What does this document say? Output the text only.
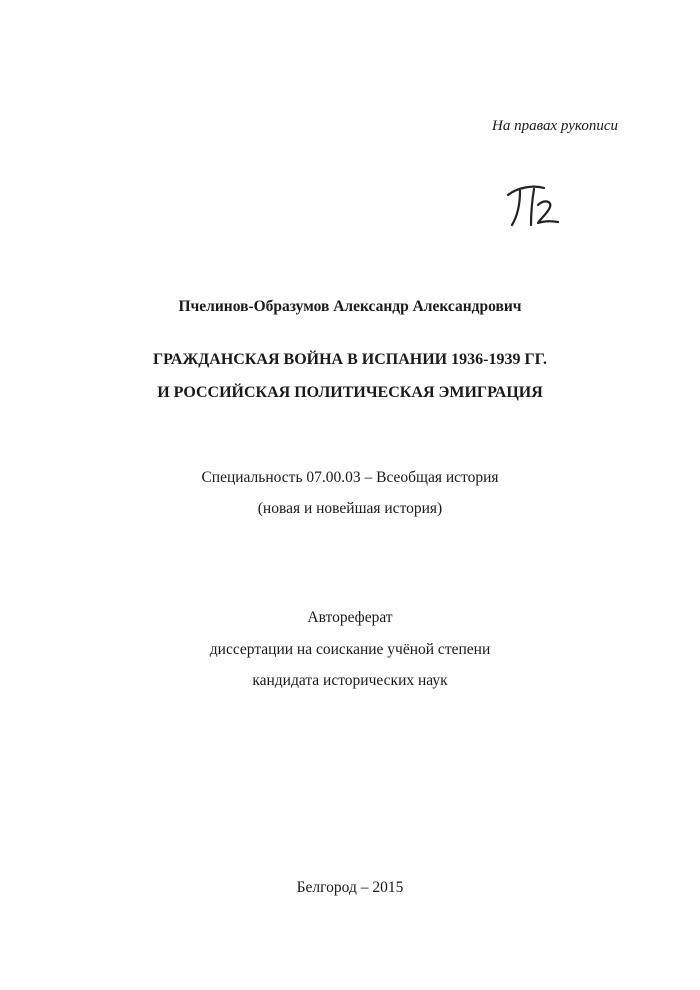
На правах рукописи
Пчелинов-Образумов Александр Александрович
ГРАЖДАНСКАЯ ВОЙНА В ИСПАНИИ 1936-1939 ГГ.
И РОССИЙСКАЯ ПОЛИТИЧЕСКАЯ ЭМИГРАЦИЯ
Специальность 07.00.03 – Всеобщая история
(новая и новейшая история)
Автореферат
диссертации на соискание учёной степени
кандидата исторических наук
Белгород – 2015
